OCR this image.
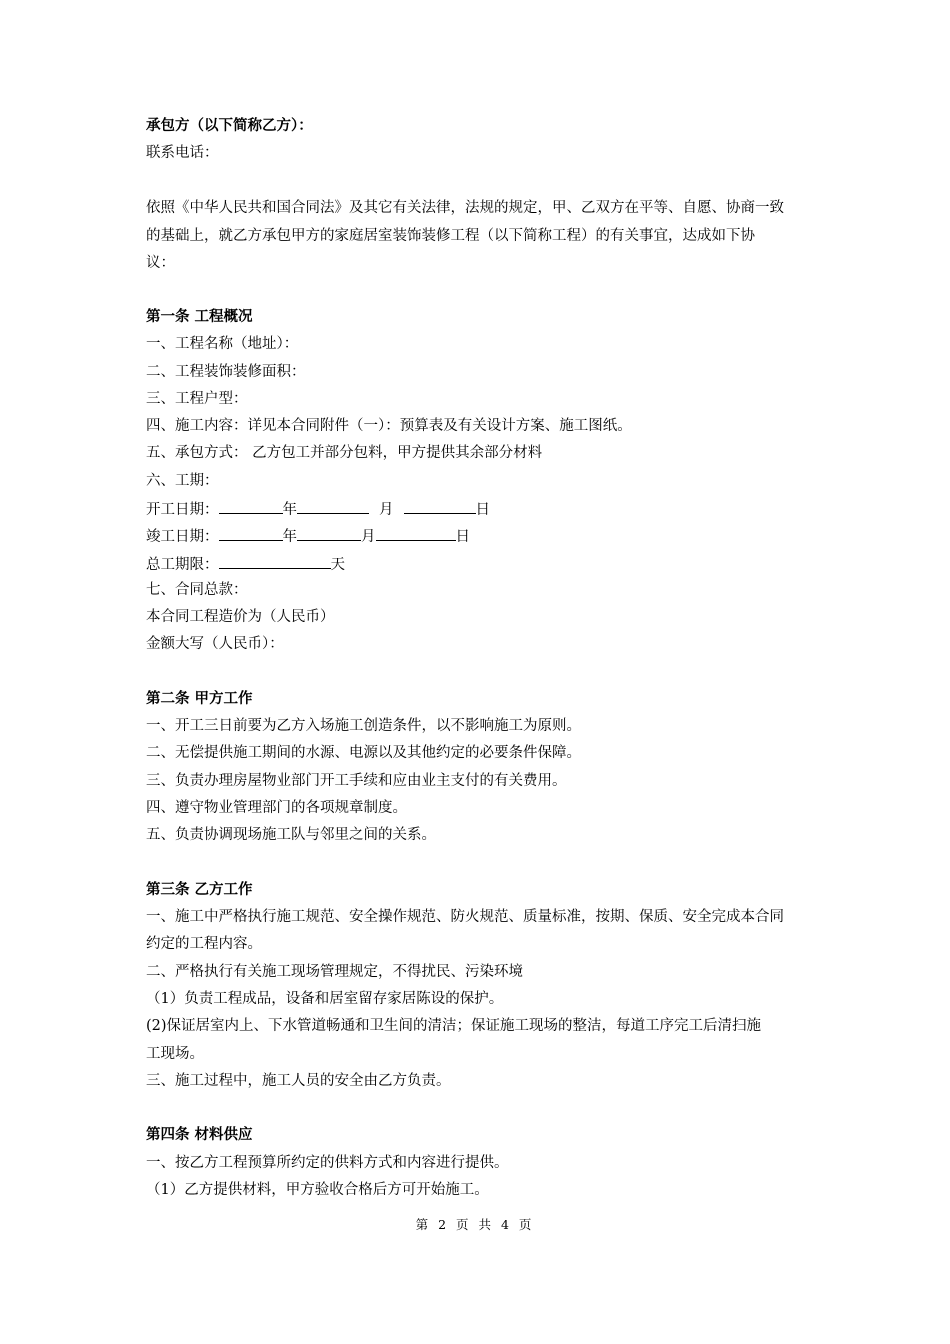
承包方（以下简称乙方）：
联系电话：
依照《中华人民共和国合同法》及其它有关法律，法规的规定，甲、乙双方在平等、自愿、协商一致
的基础上，就乙方承包甲方的家庭居室装饰装修工程（以下简称工程）的有关事宜，达成如下协
议：
第一条 工程概况
一、工程名称（地址）：
二、工程装饰装修面积：
三、工程户型：
四、施工内容：详见本合同附件（一）：预算表及有关设计方案、施工图纸。
五、承包方式： 乙方包工并部分包料，甲方提供其余部分材料
六、工期：
开工日期：	年	月	日
竣工日期：	年	月	日
总工期限：	天
七、合同总款：
本合同工程造价为（人民币）
金额大写（人民币）：
第二条 甲方工作
一、开工三日前要为乙方入场施工创造条件，以不影响施工为原则。
二、无偿提供施工期间的水源、电源以及其他约定的必要条件保障。
三、负责办理房屋物业部门开工手续和应由业主支付的有关费用。
四、遵守物业管理部门的各项规章制度。
五、负责协调现场施工队与邻里之间的关系。
第三条 乙方工作
一、施工中严格执行施工规范、安全操作规范、防火规范、质量标准，按期、保质、安全完成本合同
约定的工程内容。
二、严格执行有关施工现场管理规定，不得扰民、污染环境
（1）负责工程成品，设备和居室留存家居陈设的保护。
(2)保证居室内上、下水管道畅通和卫生间的清洁；保证施工现场的整洁，每道工序完工后清扫施
工现场。
三、施工过程中，施工人员的安全由乙方负责。
第四条 材料供应
一、按乙方工程预算所约定的供料方式和内容进行提供。
（1）乙方提供材料，甲方验收合格后方可开始施工。
第 2 页 共 4 页
